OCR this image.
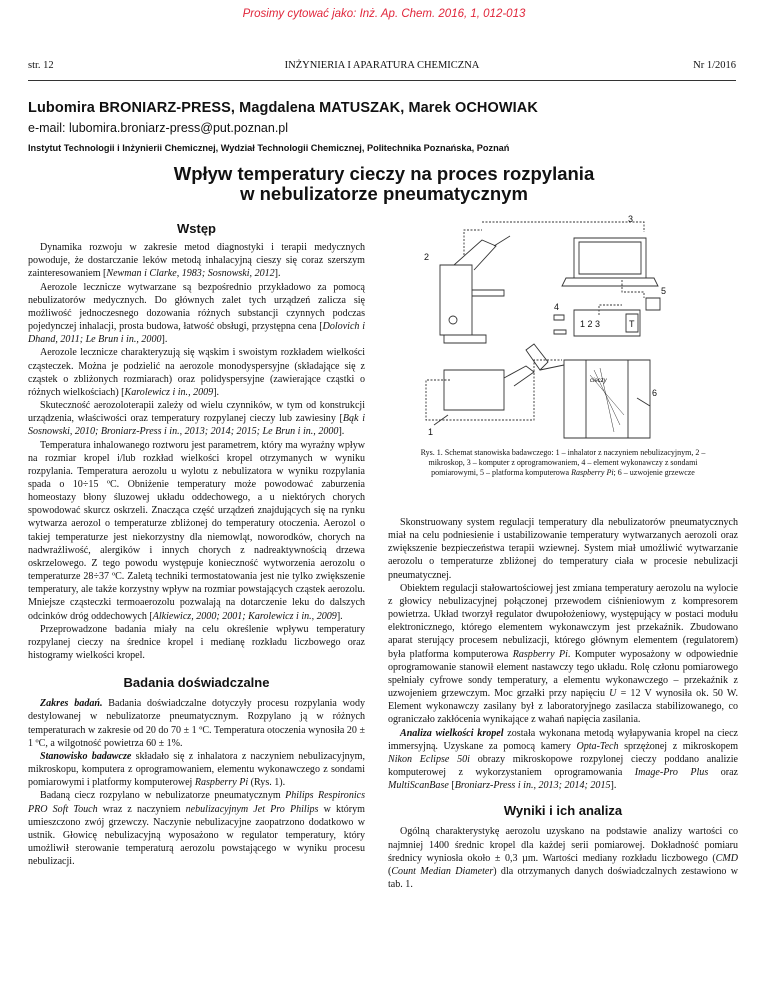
Prosimy cytować jako: Inż. Ap. Chem. 2016, 1, 012-013
str. 12	INŻYNIERIA I APARATURA CHEMICZNA	Nr 1/2016
Lubomira BRONIARZ-PRESS, Magdalena MATUSZAK, Marek OCHOWIAK
e-mail: lubomira.broniarz-press@put.poznan.pl
Instytut Technologii i Inżynierii Chemicznej, Wydział Technologii Chemicznej, Politechnika Poznańska, Poznań
Wpływ temperatury cieczy na proces rozpylania
w nebulizatorze pneumatycznym
Wstęp

Dynamika rozwoju w zakresie metod diagnostyki i terapii medycznych powoduje, że dostarczanie leków metodą inhalacyjną cieszy się coraz szerszym zainteresowaniem [Newman i Clarke, 1983; Sosnowski, 2012].

Aerozole lecznicze wytwarzane są bezpośrednio przykładowo za pomocą nebulizatorów medycznych. Do głównych zalet tych urządzeń zalicza się możliwość jednoczesnego dozowania różnych substancji czynnych podczas pojedynczej inhalacji, prosta budowa, łatwość obsługi, przystępna cena [Dolovich i Dhand, 2011; Le Brun i in., 2000].

Aerozole lecznicze charakteryzują się wąskim i swoistym rozkładem wielkości cząsteczek. Można je podzielić na aerozole monodyspersyjne (składające się z cząstek o zbliżonych rozmiarach) oraz polidyspersyjne (zawierające cząstki o różnych wielkościach) [Karolewicz i in., 2009].

Skuteczność aerozoloterapii zależy od wielu czynników, w tym od konstrukcji urządzenia, właściwości oraz temperatury rozpylanej cieczy lub zawiesiny [Bąk i Sosnowski, 2010; Broniarz-Press i in., 2013; 2014; 2015; Le Brun i in., 2000].

Temperatura inhalowanego roztworu jest parametrem, który ma wyraźny wpływ na rozmiar kropel i/lub rozkład wielkości kropel otrzymanych w wyniku rozpylania. Temperatura aerozolu u wylotu z nebulizatora w wyniku rozpylania spada o 10÷15 ºC. Obniżenie temperatury może powodować zaburzenia homeostazy błony śluzowej układu oddechowego, a u niektórych chorych spowodować skurcz oskrzeli. Znacząca część urządzeń znajdujących się na rynku wytwarza aerozol o temperaturze zbliżonej do temperatury otoczenia. Aerozol o takiej temperaturze jest niekorzystny dla niemowląt, noworodków, chorych na nadwrażliwość, alergików i innych chorych z nadreaktywnością drzewa oskrzelowego. Z tego powodu występuje konieczność wytworzenia aerozolu o temperaturze 28÷37 ºC. Zaletą techniki termostatowania jest nie tylko zwiększenie temperatury, ale także korzystny wpływ na rozmiar powstających cząstek aerozolu. Mniejsze cząsteczki termoaerozolu pozwalają na dotarczenie leku do dalszych odcinków dróg oddechowych [Alkiewicz, 2000; 2001; Karolewicz i in., 2009].

Przeprowadzone badania miały na celu określenie wpływu temperatury rozpylanej cieczy na średnice kropel i medianę rozkładu liczbowego oraz histogramy wielkości kropel.

Badania doświadczalne

Zakres badań. Badania doświadczalne dotyczyły procesu rozpylania wody destylowanej w nebulizatorze pneumatycznym. Rozpylano ją w różnych temperaturach w zakresie od 20 do 70 ± 1 ºC. Temperatura otoczenia wynosiła 20 ± 1 ºC, a wilgotność powietrza 60 ± 1%.

Stanowisko badawcze składało się z inhalatora z naczyniem nebulizacyjnym, mikroskopu, komputera z oprogramowaniem, elementu wykonawczego z sondami pomiarowymi i platformy komputerowej Raspberry Pi (Rys. 1).

Badaną ciecz rozpylano w nebulizatorze pneumatycznym Philips Respironics PRO Soft Touch wraz z naczyniem nebulizacyjnym Jet Pro Philips w którym umieszczono zwój grzewczy. Naczynie nebulizacyjne zaopatrzono dodatkowo w ustnik. Głowicę nebulizacyjną wyposażono w regulator temperatury, który umożliwił sterowanie temperaturą aerozolu powstającego w wyniku procesu nebulizacji.

3
2
5
4
1 2 3	T
1
6
cieczy
Rys. 1. Schemat stanowiska badawczego: 1 – inhalator z naczyniem nebulizacyjnym, 2 – mikroskop, 3 – komputer z oprogramowaniem, 4 – element wykonawczy z sondami pomiarowymi, 5 – platforma komputerowa Raspberry Pi; 6 – uzwojenie grzewcze

Skonstruowany system regulacji temperatury dla nebulizatorów pneumatycznych miał na celu podniesienie i ustabilizowanie temperatury wytwarzanych aerozoli oraz zwiększenie bezpieczeństwa terapii wziewnej. System miał umożliwić wytwarzanie aerozolu o temperaturze zbliżonej do temperatury ciała w procesie nebulizacji pneumatycznej.

Obiektem regulacji stałowartościowej jest zmiana temperatury aerozolu na wylocie z głowicy nebulizacyjnej połączonej przewodem ciśnieniowym z kompresorem powietrza. Układ tworzył regulator dwupołożeniowy, występujący w postaci modułu elektronicznego, którego elementem wykonawczym jest przekaźnik. Zbudowano aparat sterujący procesem nebulizacji, którego głównym elementem (regulatorem) była platforma komputerowa Raspberry Pi. Komputer wyposażony w odpowiednie oprogramowanie stanowił element nastawczy tego układu. Rolę członu pomiarowego spełniały cyfrowe sondy temperatury, a elementu wykonawczego – przekaźnik z uzwojeniem grzewczym. Moc grzałki przy napięciu U = 12 V wynosiła ok. 50 W. Element wykonawczy zasilany był z laboratoryjnego zasilacza stabilizowanego, co ograniczało zakłócenia wynikające z wahań napięcia zasilania.

Analiza wielkości kropel została wykonana metodą wyłapywania kropel na ciecz immersyjną. Uzyskane za pomocą kamery Opta-Tech sprzężonej z mikroskopem Nikon Eclipse 50i obrazy mikroskopowe rozpylonej cieczy poddano analizie komputerowej z wykorzystaniem oprogramowania Image-Pro Plus oraz MultiScanBase [Broniarz-Press i in., 2013; 2014; 2015].

Wyniki i ich analiza

Ogólną charakterystykę aerozolu uzyskano na podstawie analizy wartości co najmniej 1400 średnic kropel dla każdej serii pomiarowej. Dokładność pomiaru średnicy wyniosła około ± 0,3 µm. Wartości mediany rozkładu liczbowego (CMD (Count Median Diameter) dla otrzymanych danych doświadczalnych zestawiono w tab. 1.
